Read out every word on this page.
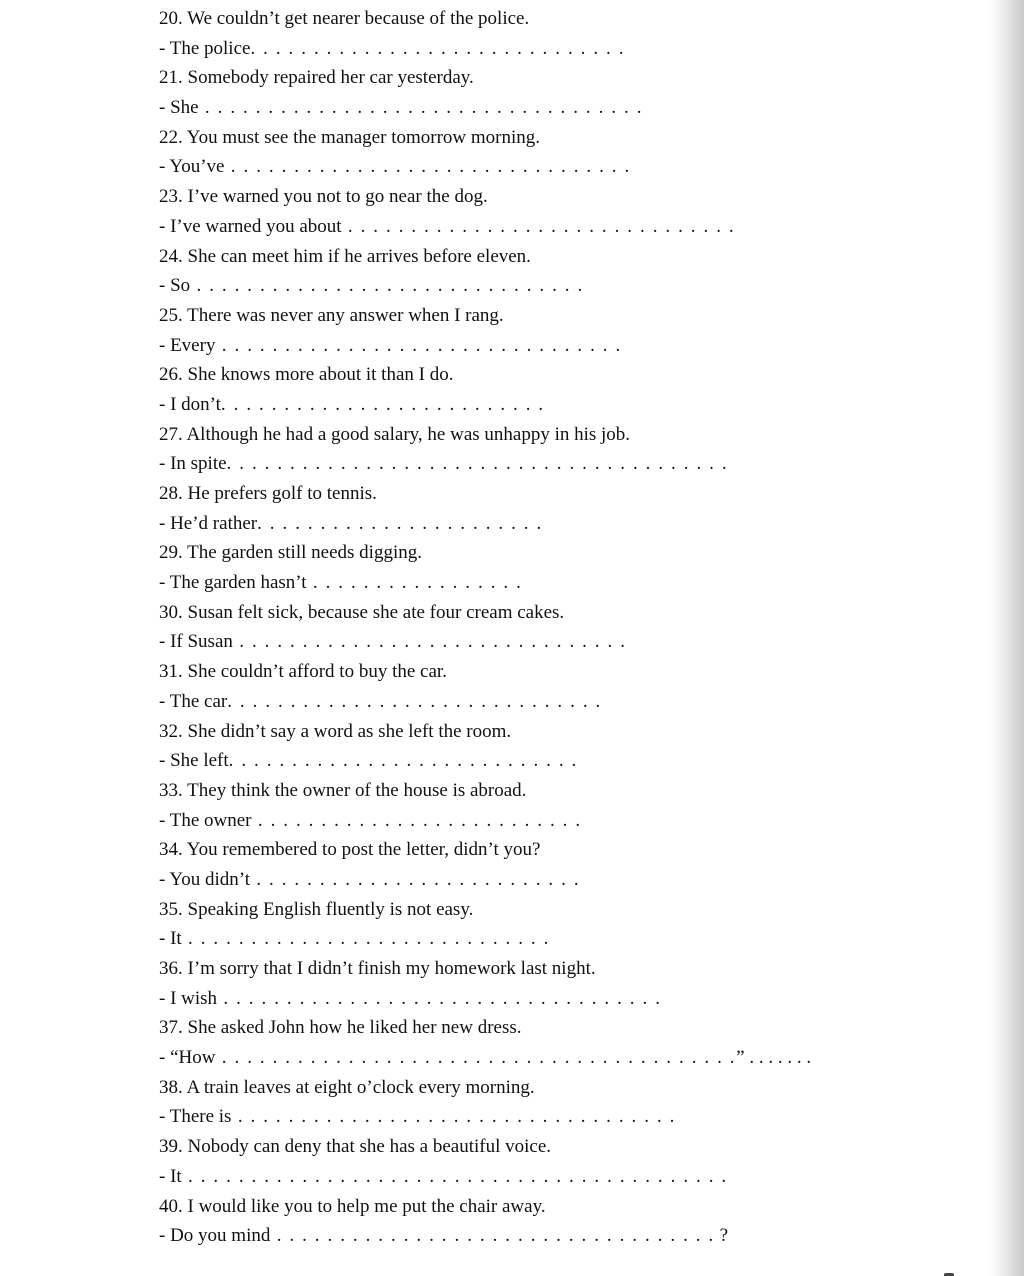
20. We couldn’t get nearer because of the police.
- The police. . . . . . . . . . . . . . . . . . . . . . . . . . . . . .
21. Somebody repaired her car yesterday.
- She . . . . . . . . . . . . . . . . . . . . . . . . . . . . . . . . . . .
22. You must see the manager tomorrow morning.
- You’ve . . . . . . . . . . . . . . . . . . . . . . . . . . . . . . . .
23. I’ve warned you not to go near the dog.
- I’ve warned you about . . . . . . . . . . . . . . . . . . . . . . . . . . . . . . .
24. She can meet him if he arrives before eleven.
- So . . . . . . . . . . . . . . . . . . . . . . . . . . . . . . .
25. There was never any answer when I rang.
- Every . . . . . . . . . . . . . . . . . . . . . . . . . . . . . . . .
26. She knows more about it than I do.
- I don’t. . . . . . . . . . . . . . . . . . . . . . . . . .
27. Although he had a good salary, he was unhappy in his job.
- In spite. . . . . . . . . . . . . . . . . . . . . . . . . . . . . . . . . . . . . . . .
28. He prefers golf to tennis.
- He’d rather. . . . . . . . . . . . . . . . . . . . . . .
29. The garden still needs digging.
- The garden hasn’t . . . . . . . . . . . . . . . . .
30. Susan felt sick, because she ate four cream cakes.
- If Susan . . . . . . . . . . . . . . . . . . . . . . . . . . . . . . .
31. She couldn’t afford to buy the car.
- The car. . . . . . . . . . . . . . . . . . . . . . . . . . . . . .
32. She didn’t say a word as she left the room.
- She left. . . . . . . . . . . . . . . . . . . . . . . . . . . .
33. They think the owner of the house is abroad.
- The owner . . . . . . . . . . . . . . . . . . . . . . . . . .
34. You remembered to post the letter, didn’t you?
- You didn’t . . . . . . . . . . . . . . . . . . . . . . . . . .
35. Speaking English fluently is not easy.
- It . . . . . . . . . . . . . . . . . . . . . . . . . . . . .
36. I’m sorry that I didn’t finish my homework last night.
- I wish . . . . . . . . . . . . . . . . . . . . . . . . . . . . . . . . . . .
37. She asked John how he liked her new dress.
- “How . . . . . . . . . . . . . . . . . . . . . . . . . . . . . . . . . . . . . . . . .” . . . . . . .
38. A train leaves at eight o’clock every morning.
- There is . . . . . . . . . . . . . . . . . . . . . . . . . . . . . . . . . . .
39. Nobody can deny that she has a beautiful voice.
- It . . . . . . . . . . . . . . . . . . . . . . . . . . . . . . . . . . . . . . . . . . .
40. I would like you to help me put the chair away.
- Do you mind . . . . . . . . . . . . . . . . . . . . . . . . . . . . . . . . . . . ?
